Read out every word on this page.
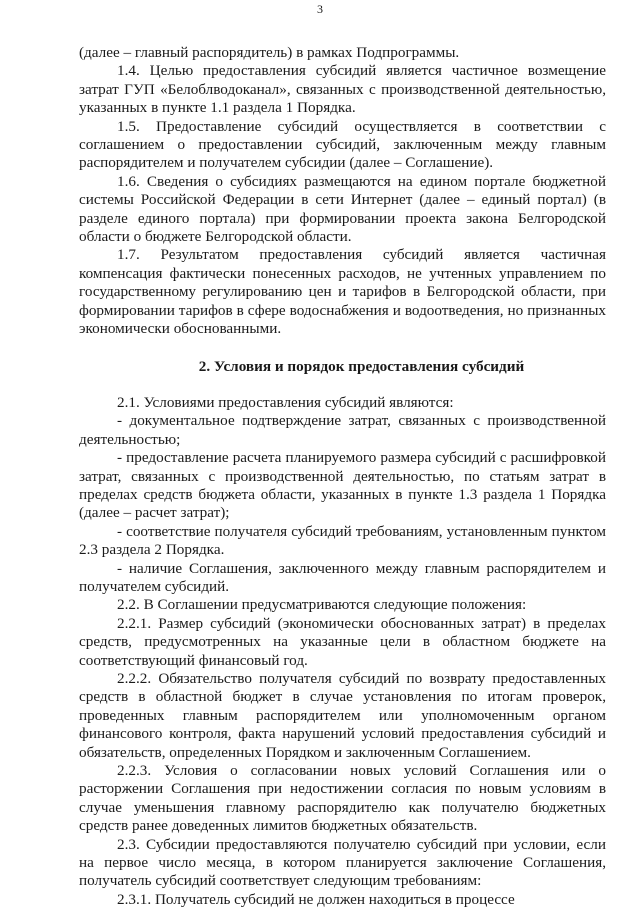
3

(далее – главный распорядитель) в рамках Подпрограммы.

1.4. Целью предоставления субсидий является частичное возмещение затрат ГУП «Белоблводоканал», связанных с производственной деятельностью, указанных в пункте 1.1 раздела 1 Порядка.

1.5. Предоставление субсидий осуществляется в соответствии с соглашением о предоставлении субсидий, заключенным между главным распорядителем и получателем субсидии (далее – Соглашение).

1.6. Сведения о субсидиях размещаются на едином портале бюджетной системы Российской Федерации в сети Интернет (далее – единый портал) (в разделе единого портала) при формировании проекта закона Белгородской области о бюджете Белгородской области.

1.7. Результатом предоставления субсидий является частичная компенсация фактически понесенных расходов, не учтенных управлением по государственному регулированию цен и тарифов в Белгородской области, при формировании тарифов в сфере водоснабжения и водоотведения, но признанных экономически обоснованными.

2. Условия и порядок предоставления субсидий

2.1. Условиями предоставления субсидий являются:

- документальное подтверждение затрат, связанных с производственной деятельностью;

- предоставление расчета планируемого размера субсидий с расшифровкой затрат, связанных с производственной деятельностью, по статьям затрат в пределах средств бюджета области, указанных в пункте 1.3 раздела 1 Порядка (далее – расчет затрат);

- соответствие получателя субсидий требованиям, установленным пунктом 2.3 раздела 2 Порядка.

- наличие Соглашения, заключенного между главным распорядителем и получателем субсидий.

2.2. В Соглашении предусматриваются следующие положения:

2.2.1. Размер субсидий (экономически обоснованных затрат) в пределах средств, предусмотренных на указанные цели в областном бюджете на соответствующий финансовый год.

2.2.2. Обязательство получателя субсидий по возврату предоставленных средств в областной бюджет в случае установления по итогам проверок, проведенных главным распорядителем или уполномоченным органом финансового контроля, факта нарушений условий предоставления субсидий и обязательств, определенных Порядком и заключенным Соглашением.

2.2.3. Условия о согласовании новых условий Соглашения или о расторжении Соглашения при недостижении согласия по новым условиям в случае уменьшения главному распорядителю как получателю бюджетных средств ранее доведенных лимитов бюджетных обязательств.

2.3. Субсидии предоставляются получателю субсидий при условии, если на первое число месяца, в котором планируется заключение Соглашения, получатель субсидий соответствует следующим требованиям:

2.3.1. Получатель субсидий не должен находиться в процессе
